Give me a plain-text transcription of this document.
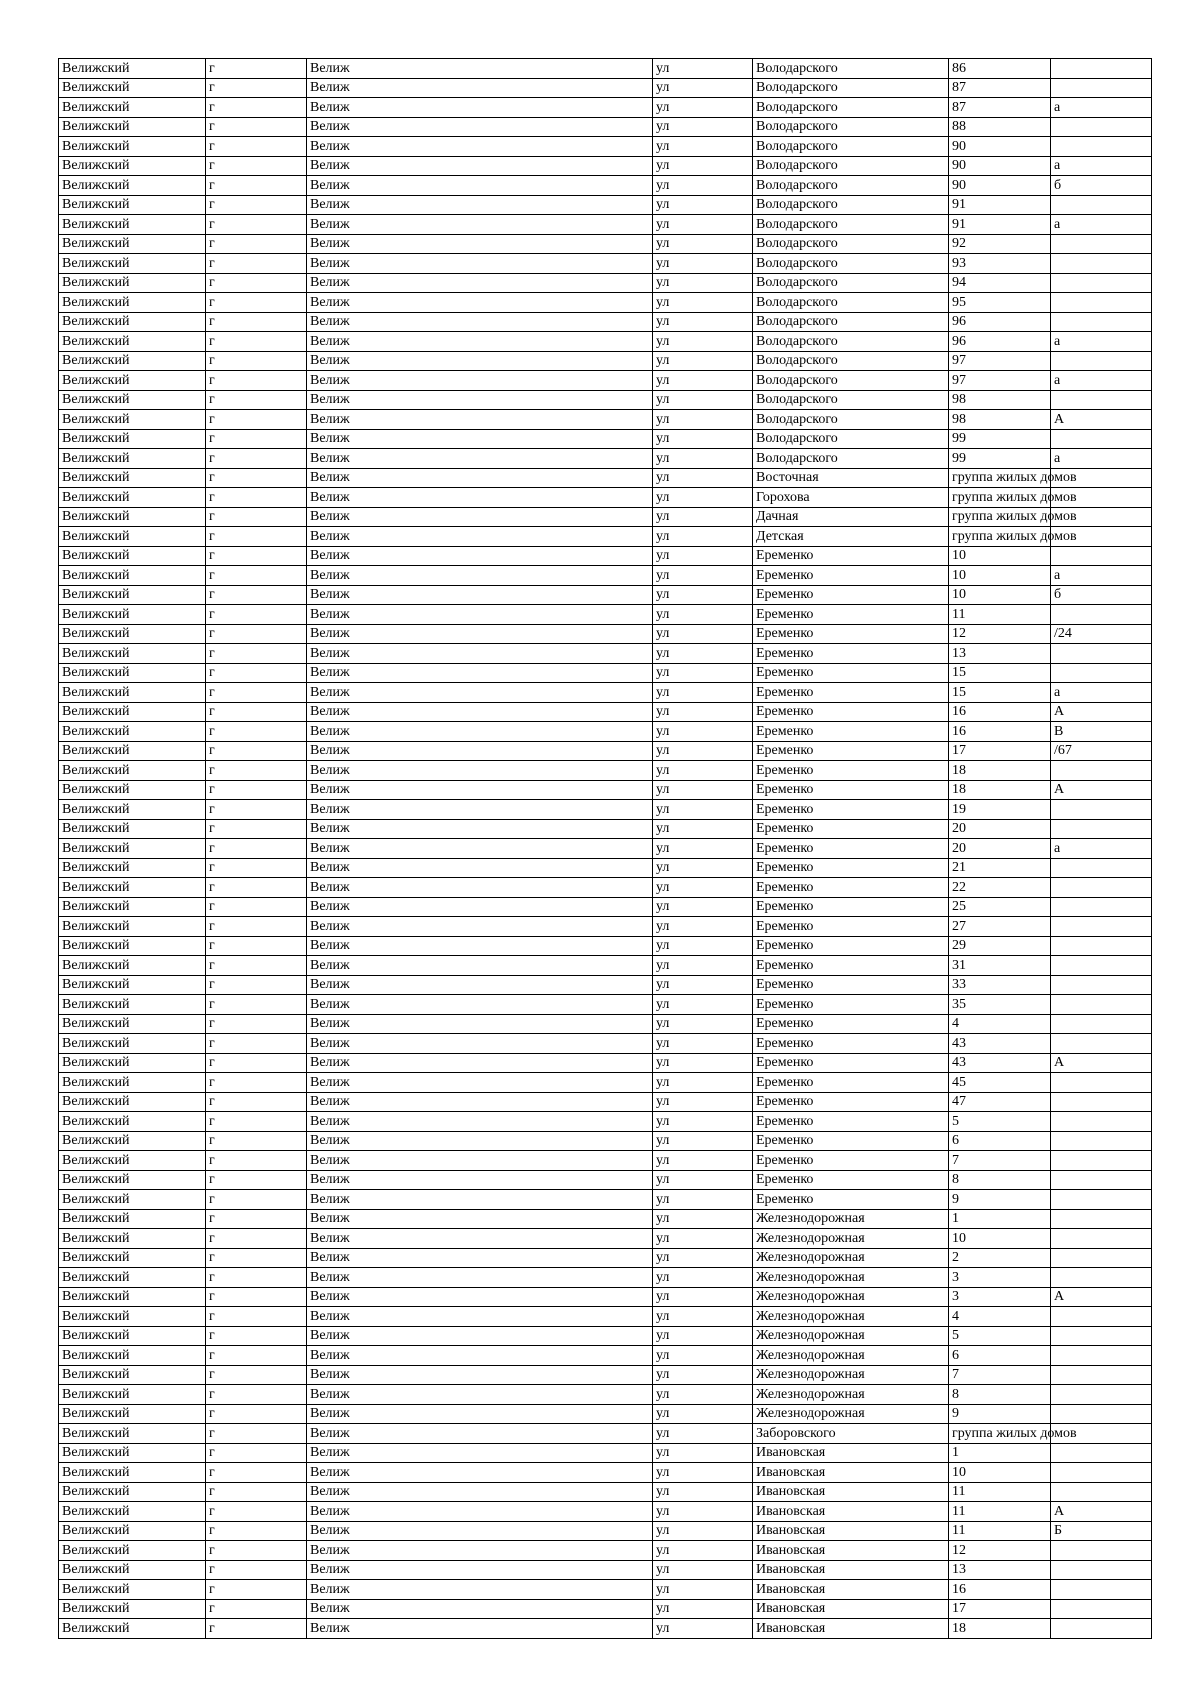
Велижский	г	Велиж	ул	Володарского	86	
Велижский	г	Велиж	ул	Володарского	87	
Велижский	г	Велиж	ул	Володарского	87	а
Велижский	г	Велиж	ул	Володарского	88	
Велижский	г	Велиж	ул	Володарского	90	
Велижский	г	Велиж	ул	Володарского	90	а
Велижский	г	Велиж	ул	Володарского	90	б
Велижский	г	Велиж	ул	Володарского	91	
Велижский	г	Велиж	ул	Володарского	91	а
Велижский	г	Велиж	ул	Володарского	92	
Велижский	г	Велиж	ул	Володарского	93	
Велижский	г	Велиж	ул	Володарского	94	
Велижский	г	Велиж	ул	Володарского	95	
Велижский	г	Велиж	ул	Володарского	96	
Велижский	г	Велиж	ул	Володарского	96	а
Велижский	г	Велиж	ул	Володарского	97	
Велижский	г	Велиж	ул	Володарского	97	а
Велижский	г	Велиж	ул	Володарского	98	
Велижский	г	Велиж	ул	Володарского	98	А
Велижский	г	Велиж	ул	Володарского	99	
Велижский	г	Велиж	ул	Володарского	99	а
Велижский	г	Велиж	ул	Восточная	группа жилых домов	
Велижский	г	Велиж	ул	Горохова	группа жилых домов	
Велижский	г	Велиж	ул	Дачная	группа жилых домов	
Велижский	г	Велиж	ул	Детская	группа жилых домов	
Велижский	г	Велиж	ул	Еременко	10	
Велижский	г	Велиж	ул	Еременко	10	а
Велижский	г	Велиж	ул	Еременко	10	б
Велижский	г	Велиж	ул	Еременко	11	
Велижский	г	Велиж	ул	Еременко	12	/24
Велижский	г	Велиж	ул	Еременко	13	
Велижский	г	Велиж	ул	Еременко	15	
Велижский	г	Велиж	ул	Еременко	15	а
Велижский	г	Велиж	ул	Еременко	16	А
Велижский	г	Велиж	ул	Еременко	16	В
Велижский	г	Велиж	ул	Еременко	17	/67
Велижский	г	Велиж	ул	Еременко	18	
Велижский	г	Велиж	ул	Еременко	18	А
Велижский	г	Велиж	ул	Еременко	19	
Велижский	г	Велиж	ул	Еременко	20	
Велижский	г	Велиж	ул	Еременко	20	а
Велижский	г	Велиж	ул	Еременко	21	
Велижский	г	Велиж	ул	Еременко	22	
Велижский	г	Велиж	ул	Еременко	25	
Велижский	г	Велиж	ул	Еременко	27	
Велижский	г	Велиж	ул	Еременко	29	
Велижский	г	Велиж	ул	Еременко	31	
Велижский	г	Велиж	ул	Еременко	33	
Велижский	г	Велиж	ул	Еременко	35	
Велижский	г	Велиж	ул	Еременко	4	
Велижский	г	Велиж	ул	Еременко	43	
Велижский	г	Велиж	ул	Еременко	43	А
Велижский	г	Велиж	ул	Еременко	45	
Велижский	г	Велиж	ул	Еременко	47	
Велижский	г	Велиж	ул	Еременко	5	
Велижский	г	Велиж	ул	Еременко	6	
Велижский	г	Велиж	ул	Еременко	7	
Велижский	г	Велиж	ул	Еременко	8	
Велижский	г	Велиж	ул	Еременко	9	
Велижский	г	Велиж	ул	Железнодорожная	1	
Велижский	г	Велиж	ул	Железнодорожная	10	
Велижский	г	Велиж	ул	Железнодорожная	2	
Велижский	г	Велиж	ул	Железнодорожная	3	
Велижский	г	Велиж	ул	Железнодорожная	3	А
Велижский	г	Велиж	ул	Железнодорожная	4	
Велижский	г	Велиж	ул	Железнодорожная	5	
Велижский	г	Велиж	ул	Железнодорожная	6	
Велижский	г	Велиж	ул	Железнодорожная	7	
Велижский	г	Велиж	ул	Железнодорожная	8	
Велижский	г	Велиж	ул	Железнодорожная	9	
Велижский	г	Велиж	ул	Заборовского	группа жилых домов	
Велижский	г	Велиж	ул	Ивановская	1	
Велижский	г	Велиж	ул	Ивановская	10	
Велижский	г	Велиж	ул	Ивановская	11	
Велижский	г	Велиж	ул	Ивановская	11	А
Велижский	г	Велиж	ул	Ивановская	11	Б
Велижский	г	Велиж	ул	Ивановская	12	
Велижский	г	Велиж	ул	Ивановская	13	
Велижский	г	Велиж	ул	Ивановская	16	
Велижский	г	Велиж	ул	Ивановская	17	
Велижский	г	Велиж	ул	Ивановская	18	
